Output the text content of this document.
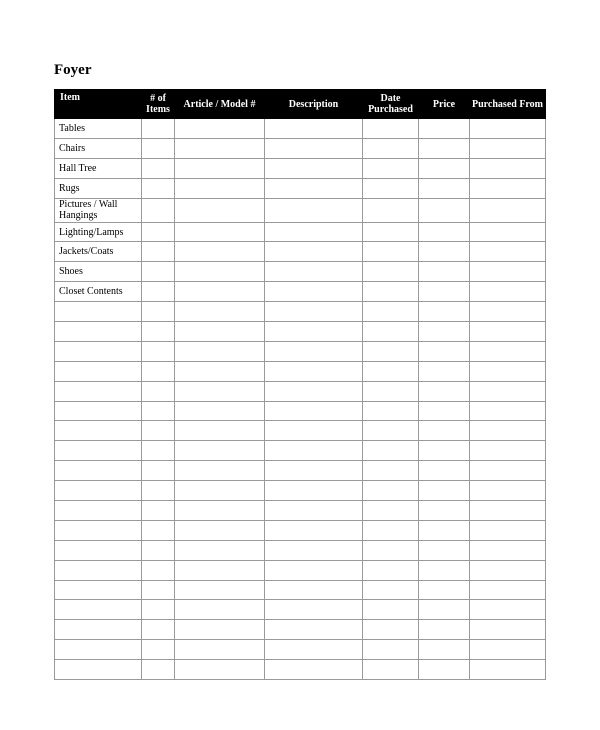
Foyer
Item	# of Items	Article / Model #	Description	Date Purchased	Price	Purchased From
Tables						
Chairs						
Hall Tree						
Rugs						
Pictures / Wall Hangings						
Lighting/Lamps						
Jackets/Coats						
Shoes						
Closet Contents						
